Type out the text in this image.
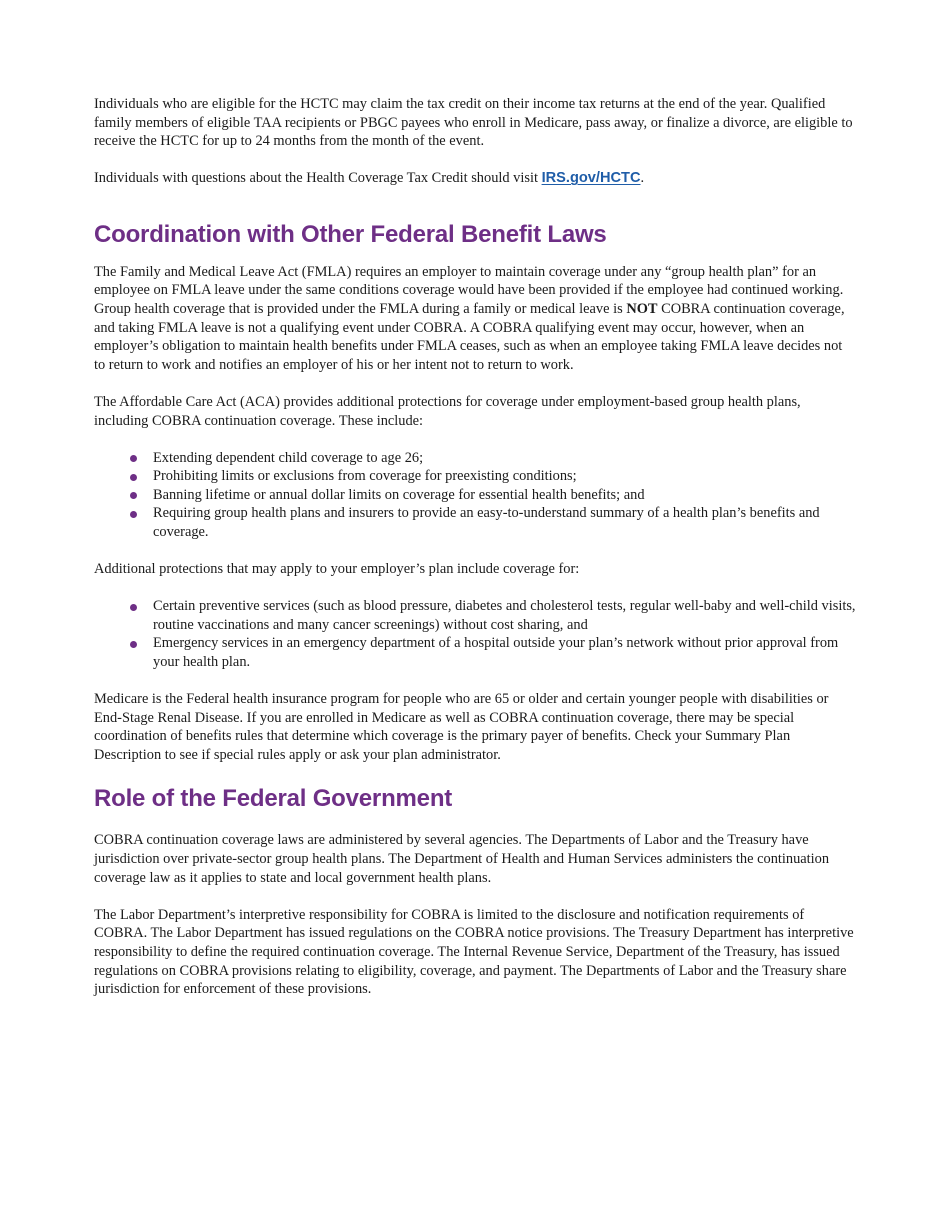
Individuals who are eligible for the HCTC may claim the tax credit on their income tax returns at the end of the year. Qualified family members of eligible TAA recipients or PBGC payees who enroll in Medicare, pass away, or finalize a divorce, are eligible to receive the HCTC for up to 24 months from the month of the event.

Individuals with questions about the Health Coverage Tax Credit should visit IRS.gov/HCTC.

Coordination with Other Federal Benefit Laws

The Family and Medical Leave Act (FMLA) requires an employer to maintain coverage under any “group health plan” for an employee on FMLA leave under the same conditions coverage would have been provided if the employee had continued working. Group health coverage that is provided under the FMLA during a family or medical leave is NOT COBRA continuation coverage, and taking FMLA leave is not a qualifying event under COBRA. A COBRA qualifying event may occur, however, when an employer’s obligation to maintain health benefits under FMLA ceases, such as when an employee taking FMLA leave decides not to return to work and notifies an employer of his or her intent not to return to work.

The Affordable Care Act (ACA) provides additional protections for coverage under employment-based group health plans, including COBRA continuation coverage. These include:

Extending dependent child coverage to age 26;
Prohibiting limits or exclusions from coverage for preexisting conditions;
Banning lifetime or annual dollar limits on coverage for essential health benefits; and
Requiring group health plans and insurers to provide an easy-to-understand summary of a health plan’s benefits and coverage.

Additional protections that may apply to your employer’s plan include coverage for:

Certain preventive services (such as blood pressure, diabetes and cholesterol tests, regular well-baby and well-child visits, routine vaccinations and many cancer screenings) without cost sharing, and
Emergency services in an emergency department of a hospital outside your plan’s network without prior approval from your health plan.

Medicare is the Federal health insurance program for people who are 65 or older and certain younger people with disabilities or End-Stage Renal Disease. If you are enrolled in Medicare as well as COBRA continuation coverage, there may be special coordination of benefits rules that determine which coverage is the primary payer of benefits. Check your Summary Plan Description to see if special rules apply or ask your plan administrator.

Role of the Federal Government

COBRA continuation coverage laws are administered by several agencies. The Departments of Labor and the Treasury have jurisdiction over private-sector group health plans. The Department of Health and Human Services administers the continuation coverage law as it applies to state and local government health plans.

The Labor Department’s interpretive responsibility for COBRA is limited to the disclosure and notification requirements of COBRA. The Labor Department has issued regulations on the COBRA notice provisions. The Treasury Department has interpretive responsibility to define the required continuation coverage. The Internal Revenue Service, Department of the Treasury, has issued regulations on COBRA provisions relating to eligibility, coverage, and payment. The Departments of Labor and the Treasury share jurisdiction for enforcement of these provisions.
